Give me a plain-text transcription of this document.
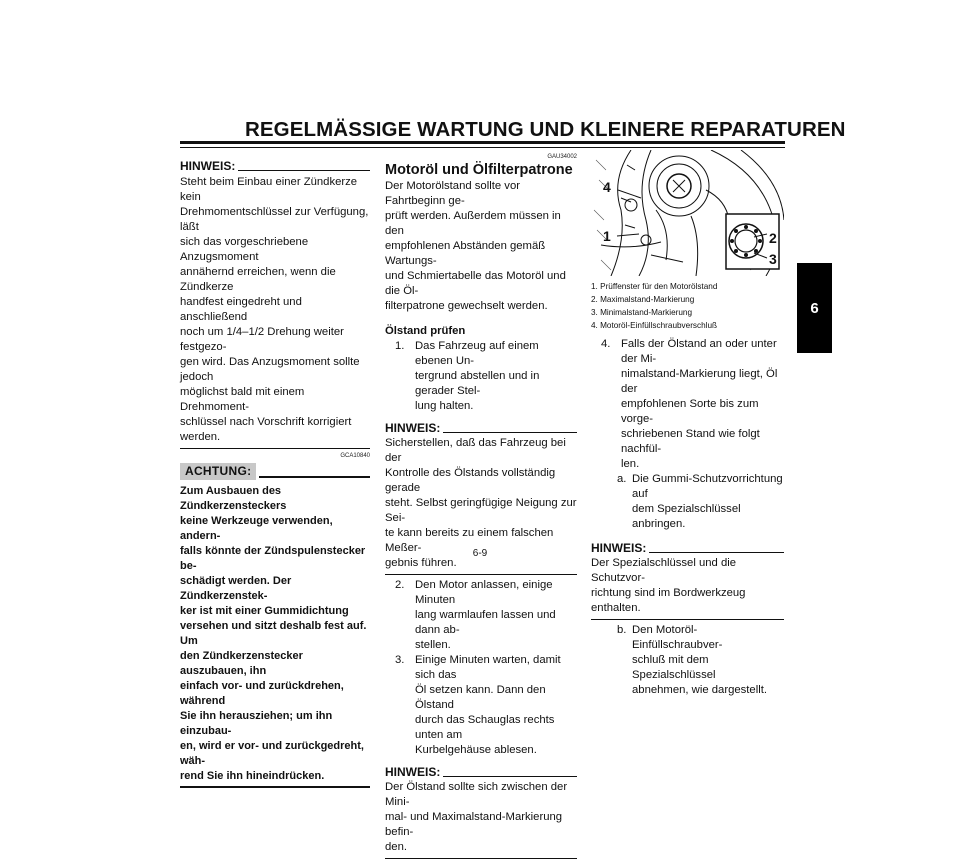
REGELMÄSSIGE WARTUNG UND KLEINERE REPARATUREN
6
HINWEIS:

Steht beim Einbau einer Zündkerze kein

Drehmomentschlüssel zur Verfügung, läßt

sich das vorgeschriebene Anzugsmoment

annähernd erreichen, wenn die Zündkerze

handfest eingedreht und anschließend

noch um 1/4–1/2 Drehung weiter festgezo-

gen wird. Das Anzugsmoment sollte jedoch

möglichst bald mit einem Drehmoment-

schlüssel nach Vorschrift korrigiert werden.

GCA10840
ACHTUNG:

Zum Ausbauen des Zündkerzensteckers

keine Werkzeuge verwenden, andern-

falls könnte der Zündspulenstecker be-

schädigt werden. Der Zündkerzenstek-

ker ist mit einer Gummidichtung

versehen und sitzt deshalb fest auf. Um

den Zündkerzenstecker auszubauen, ihn

einfach vor- und zurückdrehen, während

Sie ihn herausziehen; um ihn einzubau-

en, wird er vor- und zurückgedreht, wäh-

rend Sie ihn hineindrücken.

GAU34002
Motoröl und Ölfilterpatrone

Der Motorölstand sollte vor Fahrtbeginn ge-

prüft werden. Außerdem müssen in den

empfohlenen Abständen gemäß Wartungs-

und Schmiertabelle das Motoröl und die Öl-

filterpatrone gewechselt werden.

Ölstand prüfen
1. Das Fahrzeug auf einem ebenen Un-

tergrund abstellen und in gerader Stel-

lung halten.

HINWEIS:

Sicherstellen, daß das Fahrzeug bei der

Kontrolle des Ölstands vollständig gerade

steht. Selbst geringfügige Neigung zur Sei-

te kann bereits zu einem falschen Meßer-

gebnis führen.

2. Den Motor anlassen, einige Minuten

lang warmlaufen lassen und dann ab-

stellen.

3. Einige Minuten warten, damit sich das

Öl setzen kann. Dann den Ölstand

durch das Schauglas rechts unten am

Kurbelgehäuse ablesen.

HINWEIS:

Der Ölstand sollte sich zwischen der Mini-

mal- und Maximalstand-Markierung befin-

den.

4
1	2
3

1. Prüffenster für den Motorölstand

2. Maximalstand-Markierung

3. Minimalstand-Markierung

4. Motoröl-Einfüllschraubverschluß

4. Falls der Ölstand an oder unter der Mi-

nimalstand-Markierung liegt, Öl der

empfohlenen Sorte bis zum vorge-

schriebenen Stand wie folgt nachfül-

len.

a. Die Gummi-Schutzvorrichtung auf

dem Spezialschlüssel anbringen.

HINWEIS:

Der Spezialschlüssel und die Schutzvor-

richtung sind im Bordwerkzeug enthalten.

b. Den Motoröl-Einfüllschraubver-

schluß mit dem Spezialschlüssel

abnehmen, wie dargestellt.

6-9
